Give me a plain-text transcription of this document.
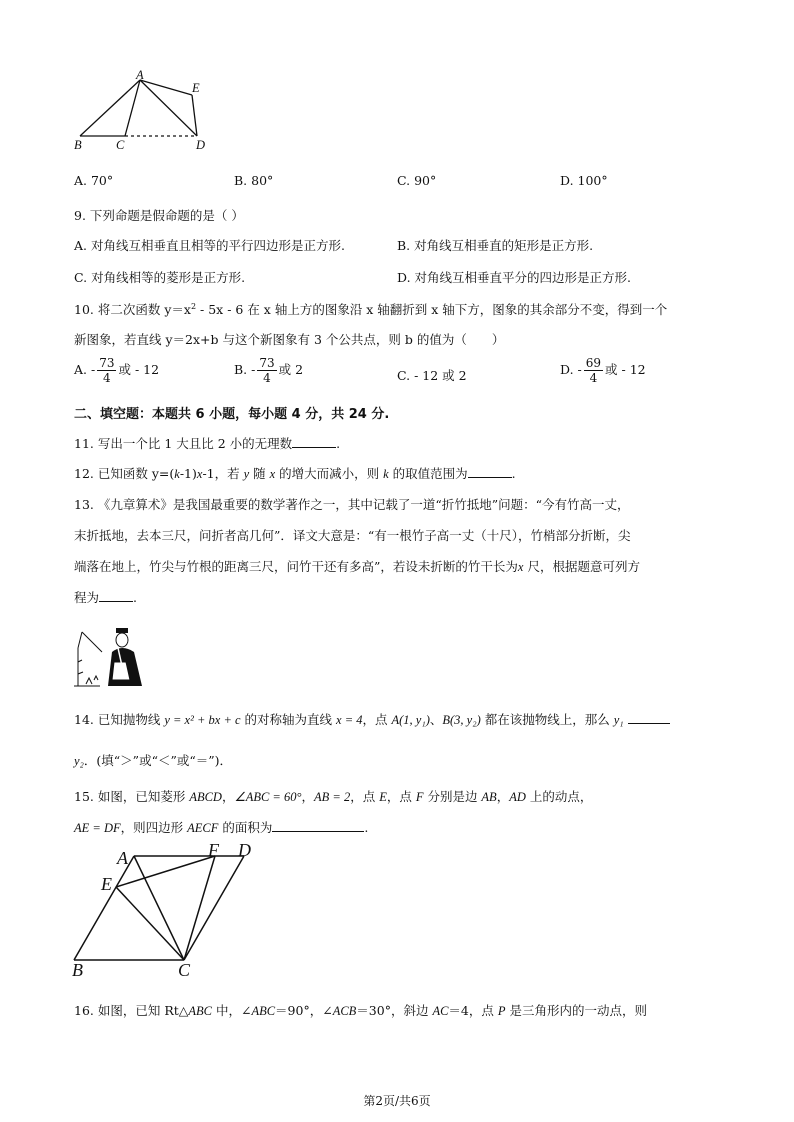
A
E
B	C	D
A. 70°	B. 80°	C. 90°	D. 100°
9. 下列命题是假命题的是（ ）
A. 对角线互相垂直且相等的平行四边形是正方形.	B. 对角线互相垂直的矩形是正方形.
C. 对角线相等的菱形是正方形.	D. 对角线互相垂直平分的四边形是正方形.
10. 将二次函数 $y=x^2 - 5x - 6$ 在 x 轴上方的图象沿 x 轴翻折到 x 轴下方，图象的其余部分不变，得到一个
新图象，若直线 y＝2x+b 与这个新图象有 3 个公共点，则 b 的值为（　　）
A. - $\frac{73}{4}$ 或 - 12	B. - $\frac{73}{4}$ 或 2	C. - 12 或 2	D. - $\frac{69}{4}$ 或 - 12
二、填空题：本题共 6 小题，每小题 4 分，共 24 分.
11. 写出一个比 1 大且比 2 小的无理数	.
12. 已知函数 y=(k-1)x-1，若 y 随 x 的增大而减小，则 k 的取值范围为	.
13. 《九章算术》是我国最重要的数学著作之一，其中记载了一道“折竹抵地”问题：“今有竹高一丈，
末折抵地，去本三尺，问折者高几何”．译文大意是：“有一根竹子高一丈（十尺），竹梢部分折断，尖
端落在地上，竹尖与竹根的距离三尺，问竹干还有多高”，若设未折断的竹干长为x 尺，根据题意可列方
程为	.
14. 已知抛物线 y = x² + bx + c 的对称轴为直线 x = 4，点 A(1, y₁)、B(3, y₂) 都在该抛物线上，那么 y₁
y₂．(填“＞”或“＜”或“＝”)．
15. 如图，已知菱形 ABCD，∠ABC = 60°，AB = 2，点 E，点 F 分别是边 AB，AD 上的动点，
AE = DF，则四边形 AECF 的面积为	.
A	F D
E
B	C
16. 如图，已知 Rt△ABC 中，∠ABC＝90°，∠ACB＝30°，斜边 AC＝4，点 P 是三角形内的一动点，则
第2页/共6页
